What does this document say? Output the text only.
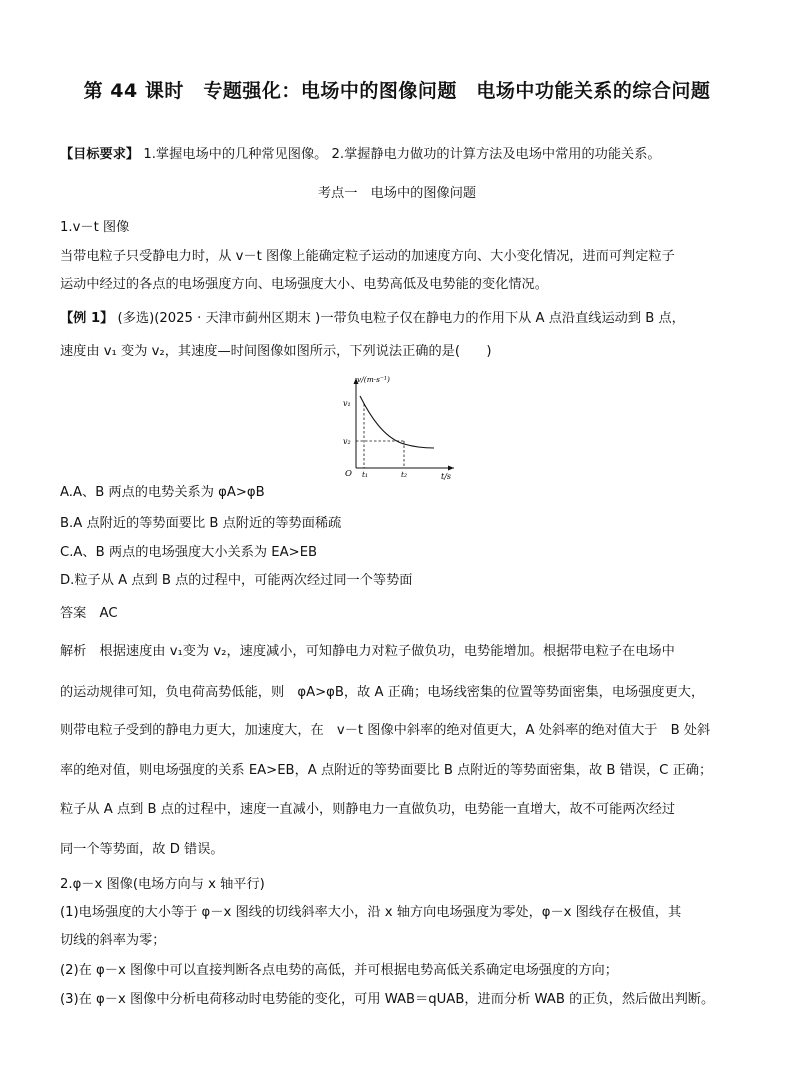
第 44 课时　专题强化：电场中的图像问题　电场中功能关系的综合问题
【目标要求】 1.掌握电场中的几种常见图像。 2.掌握静电力做功的计算方法及电场中常用的功能关系。
考点一　电场中的图像问题
1.v－t 图像
当带电粒子只受静电力时，从 v－t 图像上能确定粒子运动的加速度方向、大小变化情况，进而可判定粒子
运动中经过的各点的电场强度方向、电场强度大小、电势高低及电势能的变化情况。
【例 1】 (多选)(2025 · 天津市蓟州区期末 )一带负电粒子仅在静电力的作用下从 A 点沿直线运动到 B 点，
速度由 v₁ 变为 v₂，其速度—时间图像如图所示，下列说法正确的是(　　)
v/(m·s⁻¹)
v₁
v₂
O t₁	t₂	t/s
A.A、B 两点的电势关系为 φA>φB
B.A 点附近的等势面要比 B 点附近的等势面稀疏
C.A、B 两点的电场强度大小关系为 EA>EB
D.粒子从 A 点到 B 点的过程中，可能两次经过同一个等势面
答案　AC
解析　根据速度由 v₁变为 v₂，速度减小，可知静电力对粒子做负功，电势能增加。根据带电粒子在电场中
的运动规律可知，负电荷高势低能，则　φA>φB，故 A 正确；电场线密集的位置等势面密集，电场强度更大，
则带电粒子受到的静电力更大，加速度大，在　v－t 图像中斜率的绝对值更大，A 处斜率的绝对值大于　B 处斜
率的绝对值，则电场强度的关系 EA>EB，A 点附近的等势面要比 B 点附近的等势面密集，故 B 错误，C 正确；
粒子从 A 点到 B 点的过程中，速度一直减小，则静电力一直做负功，电势能一直增大，故不可能两次经过
同一个等势面，故 D 错误。
2.φ－x 图像(电场方向与 x 轴平行)
(1)电场强度的大小等于 φ－x 图线的切线斜率大小，沿 x 轴方向电场强度为零处，φ－x 图线存在极值，其
切线的斜率为零；
(2)在 φ－x 图像中可以直接判断各点电势的高低，并可根据电势高低关系确定电场强度的方向；
(3)在 φ－x 图像中分析电荷移动时电势能的变化，可用 WAB＝qUAB，进而分析 WAB 的正负，然后做出判断。
